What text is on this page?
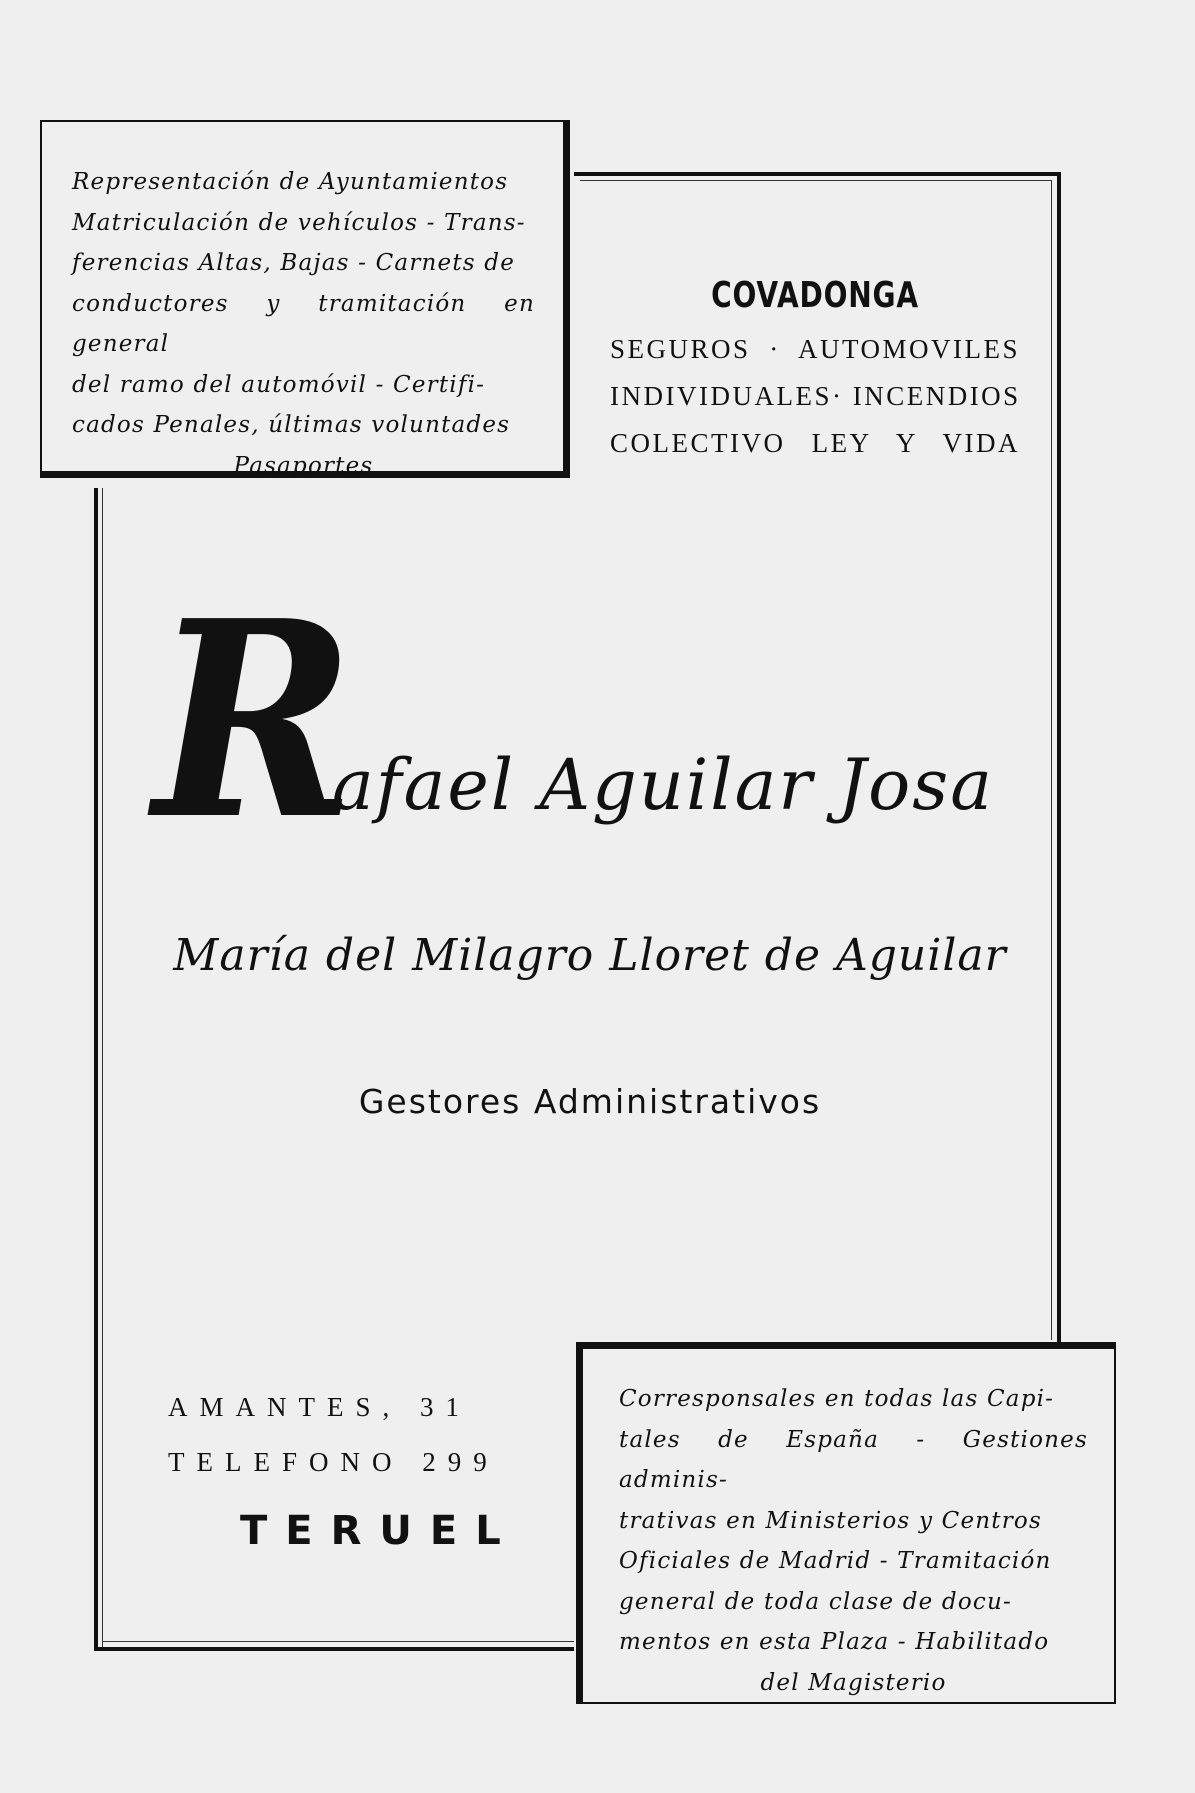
Representación de Ayuntamientos

Matriculación de vehículos - Trans-

ferencias Altas, Bajas - Carnets de

conductores y tramitación en general

del ramo del automóvil - Certifi-

cados Penales, últimas voluntades

Pasaportes

COVADONGA
SEGUROS · AUTOMOVILES
INDIVIDUALES· INCENDIOS
COLECTIVO LEY Y VIDA
R
afael Aguilar Josa
María del Milagro Lloret de Aguilar
Gestores Administrativos
AMANTES, 31
TELEFONO 299
TERUEL

Corresponsales en todas las Capi-

tales de España - Gestiones adminis-

trativas en Ministerios y Centros

Oficiales de Madrid - Tramitación

general de toda clase de docu-

mentos en esta Plaza - Habilitado

del Magisterio
